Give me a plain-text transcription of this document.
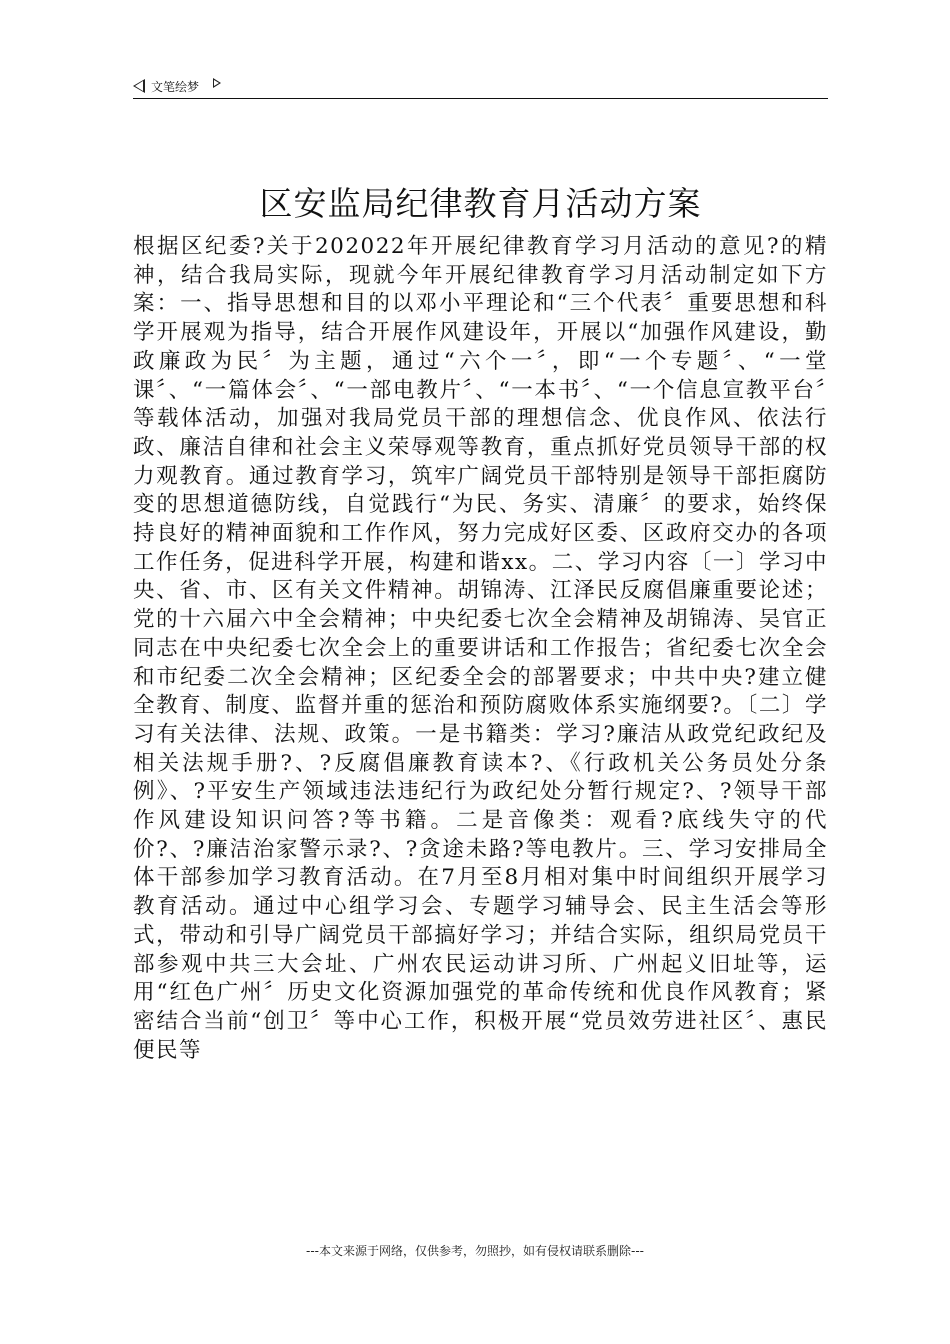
文笔绘梦
区安监局纪律教育月活动方案

根据区纪委?关于202022年开展纪律教育学习月活动的意见?的精神，结合我局实际，现就今年开展纪律教育学习月活动制定如下方案：一、指导思想和目的以邓小平理论和“三个代表〞重要思想和科学开展观为指导，结合开展作风建设年，开展以“加强作风建设，勤政廉政为民〞为主题，通过“六个一〞，即“一个专题〞、“一堂课〞、“一篇体会〞、“一部电教片〞、“一本书〞、“一个信息宣教平台〞等载体活动，加强对我局党员干部的理想信念、优良作风、依法行政、廉洁自律和社会主义荣辱观等教育，重点抓好党员领导干部的权力观教育。通过教育学习，筑牢广阔党员干部特别是领导干部拒腐防变的思想道德防线，自觉践行“为民、务实、清廉〞的要求，始终保持良好的精神面貌和工作作风，努力完成好区委、区政府交办的各项工作任务，促进科学开展，构建和谐xx。二、学习内容〔一〕学习中央、省、市、区有关文件精神。胡锦涛、江泽民反腐倡廉重要论述；党的十六届六中全会精神；中央纪委七次全会精神及胡锦涛、吴官正同志在中央纪委七次全会上的重要讲话和工作报告；省纪委七次全会和市纪委二次全会精神；区纪委全会的部署要求；中共中央?建立健全教育、制度、监督并重的惩治和预防腐败体系实施纲要?。〔二〕学习有关法律、法规、政策。一是书籍类：学习?廉洁从政党纪政纪及相关法规手册?、?反腐倡廉教育读本?、《行政机关公务员处分条例》、?平安生产领域违法违纪行为政纪处分暂行规定?、?领导干部作风建设知识问答?等书籍。二是音像类：观看?底线失守的代价?、?廉洁治家警示录?、?贪途未路?等电教片。三、学习安排局全体干部参加学习教育活动。在7月至8月相对集中时间组织开展学习教育活动。通过中心组学习会、专题学习辅导会、民主生活会等形式，带动和引导广阔党员干部搞好学习；并结合实际，组织局党员干部参观中共三大会址、广州农民运动讲习所、广州起义旧址等，运用“红色广州〞历史文化资源加强党的革命传统和优良作风教育；紧密结合当前“创卫〞等中心工作，积极开展“党员效劳进社区〞、惠民便民等

---本文来源于网络，仅供参考，勿照抄，如有侵权请联系删除---
